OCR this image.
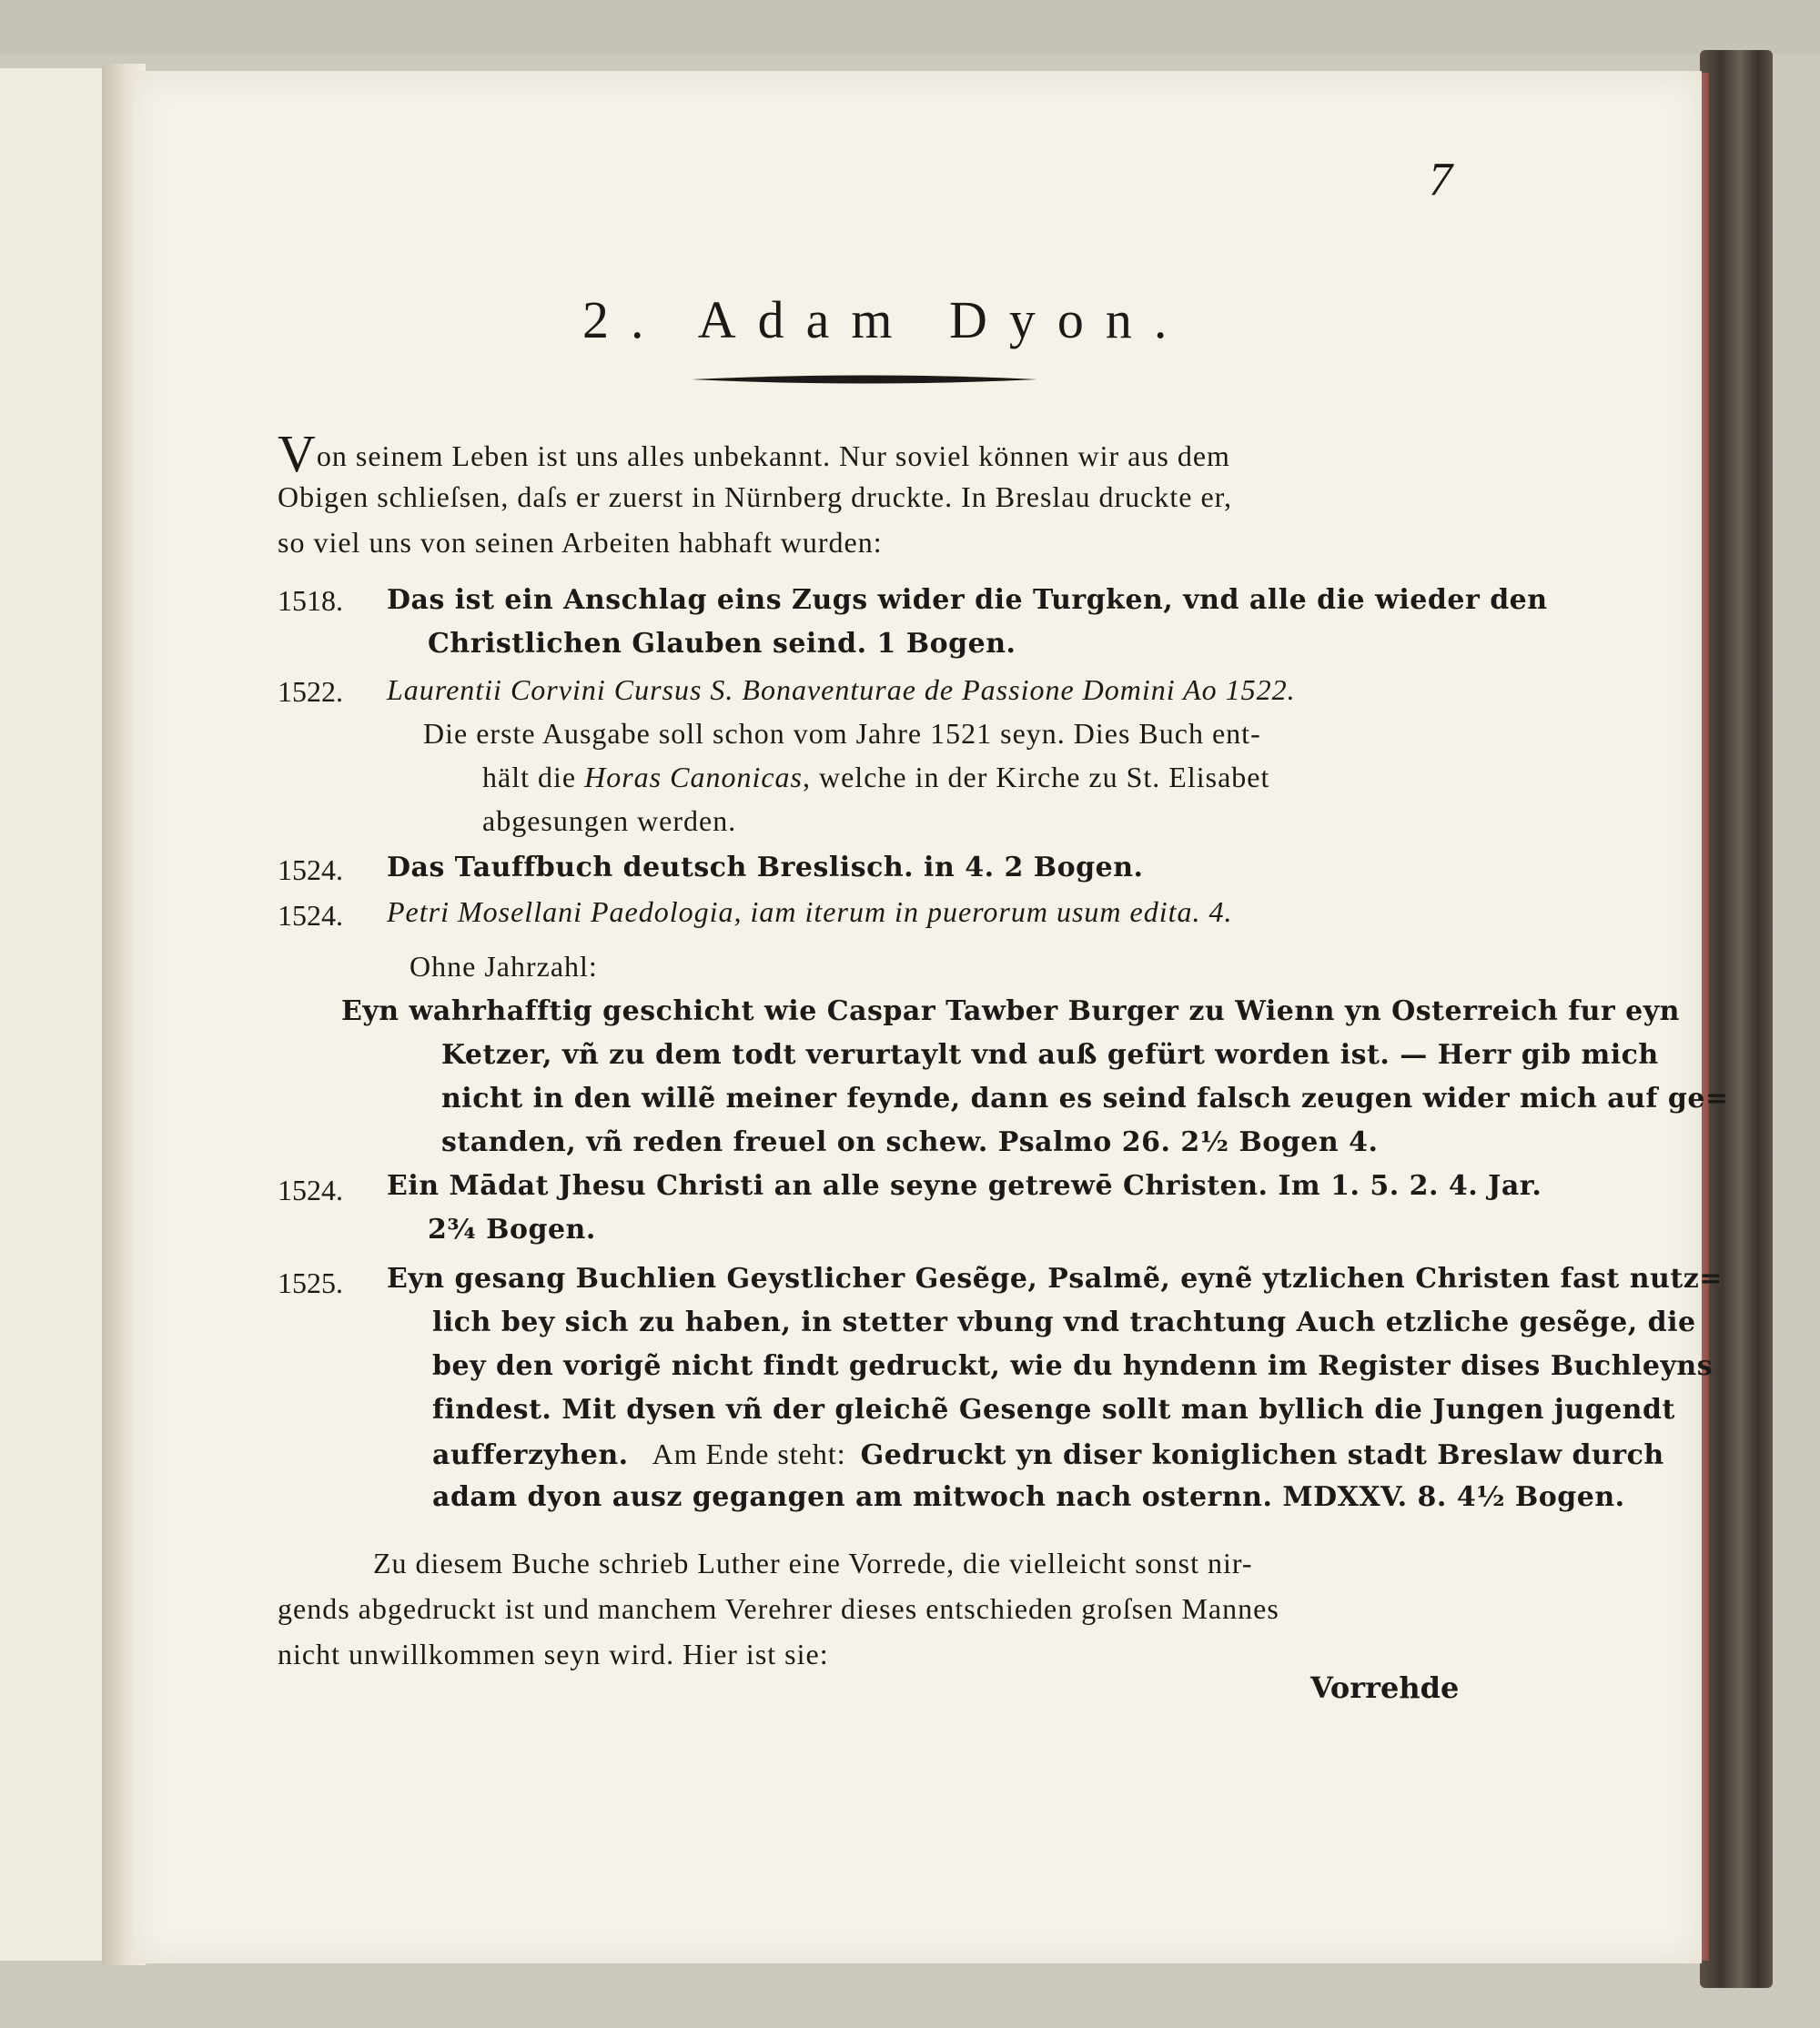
7
2. Adam Dyon.
Von seinem Leben ist uns alles unbekannt. Nur soviel können wir aus dem
Obigen schlieſsen, daſs er zuerst in Nürnberg druckte. In Breslau druckte er,
so viel uns von seinen Arbeiten habhaft wurden:
1518. Das ist ein Anschlag eins Zugs wider die Turgken, vnd alle die wieder den
Christlichen Glauben seind. 1 Bogen.
1522. Laurentii Corvini Cursus S. Bonaventurae de Passione Domini Ao 1522.
Die erste Ausgabe soll schon vom Jahre 1521 seyn. Dies Buch ent-
hält die Horas Canonicas, welche in der Kirche zu St. Elisabet
abgesungen werden.
1524. Das Tauffbuch deutsch Breslisch. in 4. 2 Bogen.
1524. Petri Mosellani Paedologia, iam iterum in puerorum usum edita. 4.
Ohne Jahrzahl:
Eyn wahrhafftig geschicht wie Caspar Tawber Burger zu Wienn yn Osterreich fur eyn
Ketzer, vñ zu dem todt verurtaylt vnd auß gefürt worden ist. — Herr gib mich
nicht in den willẽ meiner feynde, dann es seind falsch zeugen wider mich auf ge=
standen, vñ reden freuel on schew. Psalmo 26. 2½ Bogen 4.
1524. Ein Mādat Jhesu Christi an alle seyne getrewē Christen. Im 1. 5. 2. 4. Jar.
2¾ Bogen.
1525. Eyn gesang Buchlien Geystlicher Gesẽge, Psalmẽ, eynẽ ytzlichen Christen fast nutz=
lich bey sich zu haben, in stetter vbung vnd trachtung Auch etzliche gesẽge, die
bey den vorigẽ nicht findt gedruckt, wie du hyndenn im Register dises Buchleyns
findest. Mit dysen vñ der gleichẽ Gesenge sollt man byllich die Jungen jugendt
aufferzyhen. Am Ende steht: Gedruckt yn diser koniglichen stadt Breslaw durch
adam dyon ausz gegangen am mitwoch nach osternn. MDXXV. 8. 4½ Bogen.
Zu diesem Buche schrieb Luther eine Vorrede, die vielleicht sonst nir-
gends abgedruckt ist und manchem Verehrer dieses entschieden groſsen Mannes
nicht unwillkommen seyn wird. Hier ist sie:
Vorrehde
